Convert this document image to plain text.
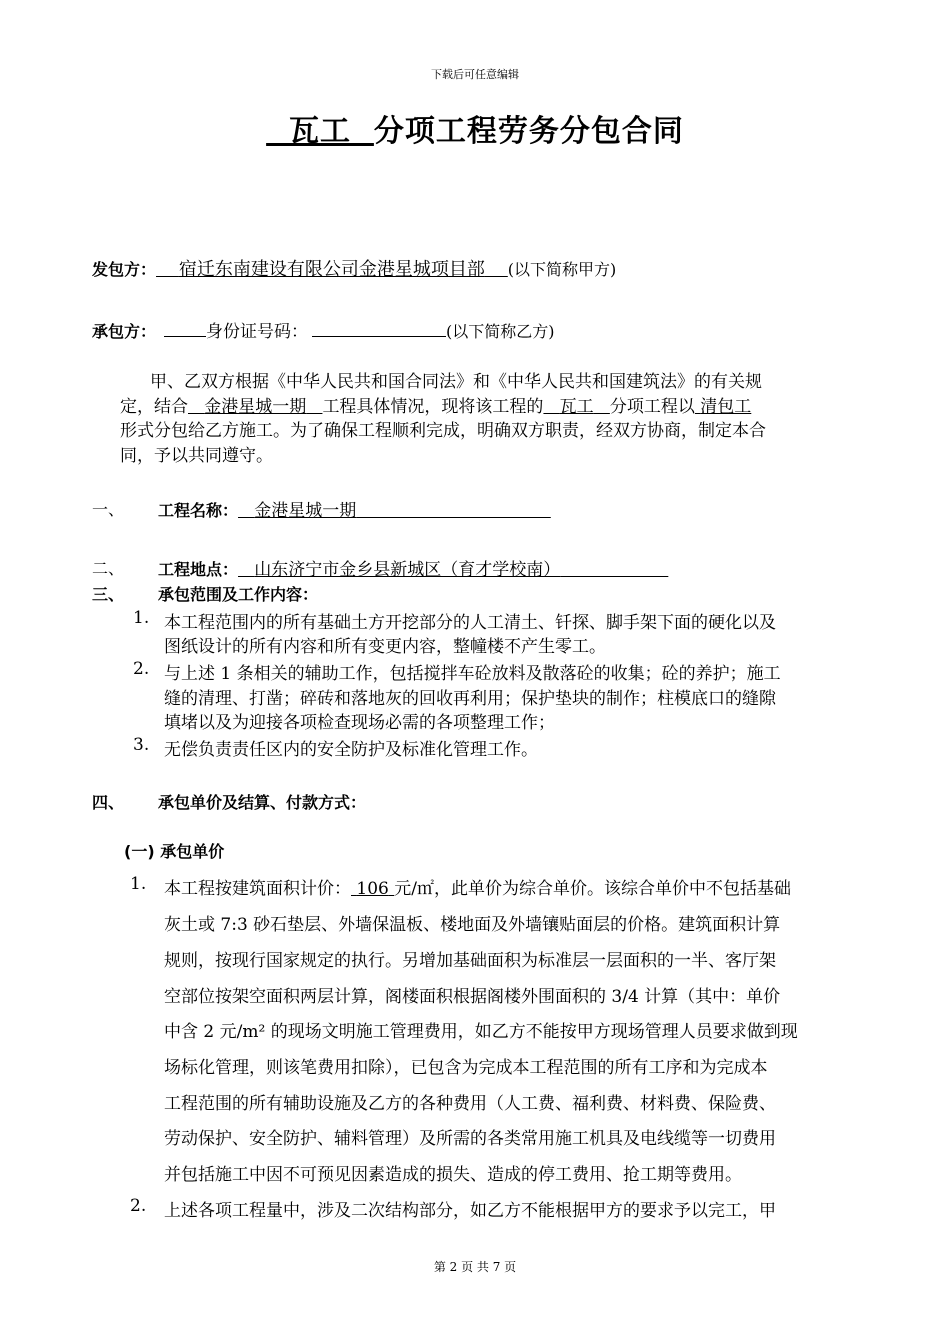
下载后可任意编辑
瓦工 分项工程劳务分包合同
发包方： 宿迁东南建设有限公司金港星城项目部 (以下简称甲方)
承包方：	身份证号码：	(以下简称乙方)
甲、乙双方根据《中华人民共和国合同法》和《中华人民共和国建筑法》的有关规
定，结合 金港星城一期 工程具体情况，现将该工程的 瓦工 分项工程以 清包工
形式分包给乙方施工。为了确保工程顺利完成，明确双方职责，经双方协商，制定本合
同，予以共同遵守。
一、 工程名称： 金港星城一期
二、 工程地点： 山东济宁市金乡县新城区（育才学校南）
三、 承包范围及工作内容：
1. 本工程范围内的所有基础土方开挖部分的人工清土、钎探、脚手架下面的硬化以及
图纸设计的所有内容和所有变更内容，整幢楼不产生零工。
2. 与上述 1 条相关的辅助工作，包括搅拌车砼放料及散落砼的收集；砼的养护；施工
缝的清理、打凿；碎砖和落地灰的回收再利用；保护垫块的制作；柱模底口的缝隙
填堵以及为迎接各项检查现场必需的各项整理工作；
3. 无偿负责责任区内的安全防护及标准化管理工作。
四、 承包单价及结算、付款方式：
(一) 承包单价
1. 本工程按建筑面积计价： 106 元/㎡，此单价为综合单价。该综合单价中不包括基础
灰土或 7:3 砂石垫层、外墙保温板、楼地面及外墙镶贴面层的价格。建筑面积计算
规则，按现行国家规定的执行。另增加基础面积为标准层一层面积的一半、客厅架
空部位按架空面积两层计算，阁楼面积根据阁楼外围面积的 3/4 计算（其中：单价
中含 2 元/m² 的现场文明施工管理费用，如乙方不能按甲方现场管理人员要求做到现
场标化管理，则该笔费用扣除），已包含为完成本工程范围的所有工序和为完成本
工程范围的所有辅助设施及乙方的各种费用（人工费、福利费、材料费、保险费、
劳动保护、安全防护、辅料管理）及所需的各类常用施工机具及电线缆等一切费用
并包括施工中因不可预见因素造成的损失、造成的停工费用、抢工期等费用。
2. 上述各项工程量中，涉及二次结构部分，如乙方不能根据甲方的要求予以完工，甲
第 2 页 共 7 页
